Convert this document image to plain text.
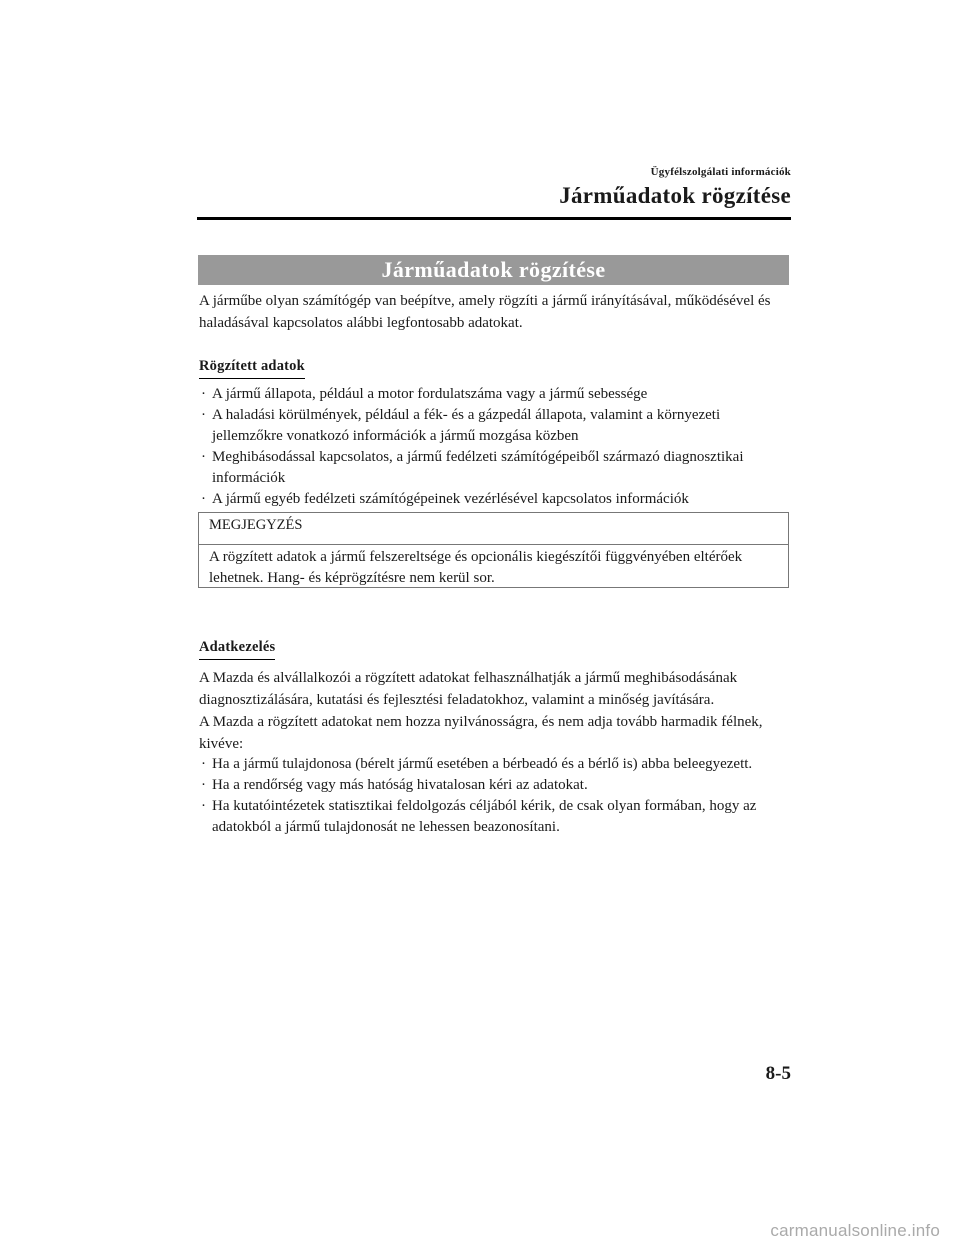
Ügyfélszolgálati információk
Járműadatok rögzítése
Járműadatok rögzítése
A járműbe olyan számítógép van beépítve, amely rögzíti a jármű irányításával, működésével és haladásával kapcsolatos alábbi legfontosabb adatokat.
Rögzített adatok
· A jármű állapota, például a motor fordulatszáma vagy a jármű sebessége
· A haladási körülmények, például a fék- és a gázpedál állapota, valamint a környezeti jellemzőkre vonatkozó információk a jármű mozgása közben
· Meghibásodással kapcsolatos, a jármű fedélzeti számítógépeiből származó diagnosztikai információk
· A jármű egyéb fedélzeti számítógépeinek vezérlésével kapcsolatos információk
MEGJEGYZÉS
A rögzített adatok a jármű felszereltsége és opcionális kiegészítői függvényében eltérőek lehetnek. Hang- és képrögzítésre nem kerül sor.
Adatkezelés
A Mazda és alvállalkozói a rögzített adatokat felhasználhatják a jármű meghibásodásának diagnosztizálására, kutatási és fejlesztési feladatokhoz, valamint a minőség javítására.
A Mazda a rögzített adatokat nem hozza nyilvánosságra, és nem adja tovább harmadik félnek, kivéve:
· Ha a jármű tulajdonosa (bérelt jármű esetében a bérbeadó és a bérlő is) abba beleegyezett.
· Ha a rendőrség vagy más hatóság hivatalosan kéri az adatokat.
· Ha kutatóintézetek statisztikai feldolgozás céljából kérik, de csak olyan formában, hogy az adatokból a jármű tulajdonosát ne lehessen beazonosítani.
8-5
carmanualsonline.info
